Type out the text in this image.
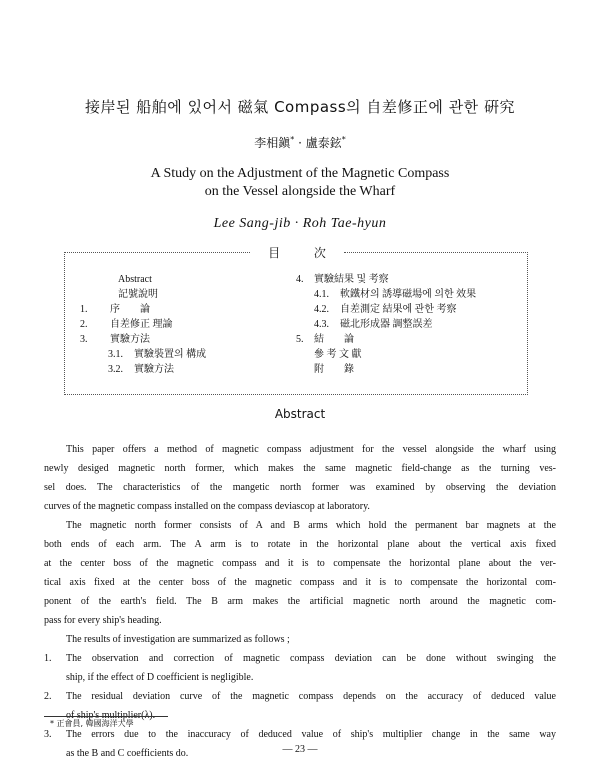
接岸된 船舶에 있어서 磁氣 Compass의 自差修正에 관한 硏究
李相鎭* · 盧泰鉉*
A Study on the Adjustment of the Magnetic Compass
on the Vessel alongside the Wharf
Lee Sang-jib · Roh Tae-hyun
目 次
Abstract
記號說明
1. 序　　論
2. 自差修正 理論
3. 實驗方法
3.1. 實驗裝置의 構成
3.2. 實驗方法
4. 實驗結果 및 考察
4.1. 軟鐵材의 誘導磁場에 의한 效果
4.2. 自差測定 結果에 관한 考察
4.3. 磁北形成器 調整誤差
5. 結　　論
參 考 文 獻
附　　錄
Abstract
This paper offers a method of magnetic compass adjustment for the vessel alongside the wharf using
newly desiged magnetic north former, which makes the same magnetic field-change as the turning ves-
sel does. The characteristics of the mangetic north former was examined by observing the deviation
curves of the magnetic compass installed on the compass deviascop at laboratory.
The magnetic north former consists of A and B arms which hold the permanent bar magnets at the
both ends of each arm. The A arm is to rotate in the horizontal plane about the vertical axis fixed
at the center boss of the magnetic compass and it is to compensate the horizontal plane about the ver-
tical axis fixed at the center boss of the magnetic compass and it is to compensate the horizontal com-
ponent of the earth's field. The B arm makes the artificial magnetic north around the magnetic com-
pass for every ship's heading.
The results of investigation are summarized as follows ;
1. The observation and correction of magnetic compass deviation can be done without swinging the
ship, if the effect of D coefficient is negligible.
2. The residual deviation curve of the magnetic compass depends on the accuracy of deduced value
of ship's multiplier(λ).
3. The errors due to the inaccuracy of deduced value of ship's multiplier change in the same way
as the B and C coefficients do.
* 正會員, 韓國海洋大學
— 23 —
